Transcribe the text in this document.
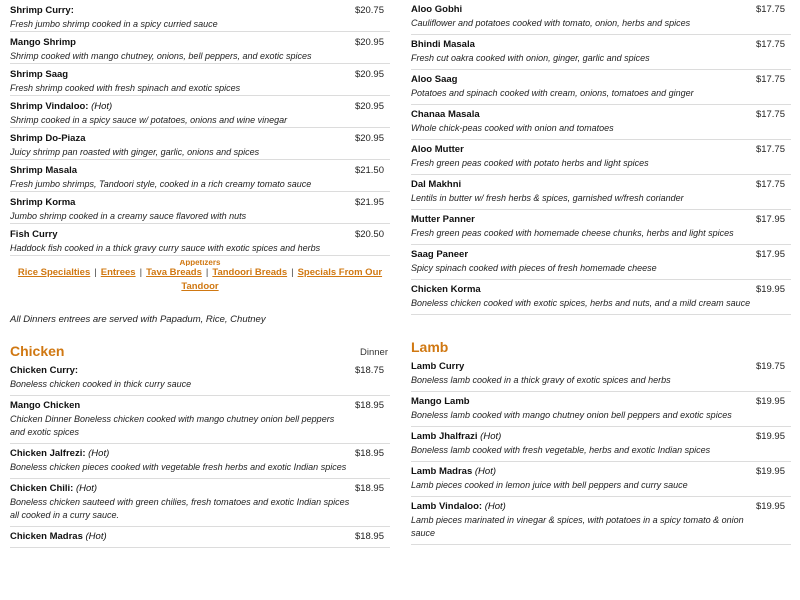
Shrimp Curry:	$20.75
Fresh jumbo shrimp cooked in a spicy curried sauce
Mango Shrimp	$20.95
Shrimp cooked with mango chutney, onions, bell peppers, and exotic spices
Shrimp Saag	$20.95
Fresh shrimp cooked with fresh spinach and exotic spices
Shrimp Vindaloo: (Hot)	$20.95
Shrimp cooked in a spicy sauce w/ potatoes, onions and wine vinegar
Shrimp Do-Piaza	$20.95
Juicy shrimp pan roasted with ginger, garlic, onions and spices
Shrimp Masala	$21.50
Fresh jumbo shrimps, Tandoori style, cooked in a rich creamy tomato sauce
Shrimp Korma	$21.95
Jumbo shrimp cooked in a creamy sauce flavored with nuts
Fish Curry	$20.50
Haddock fish cooked in a thick gravy curry sauce with exotic spices and herbs
Appetizers
Rice Specialties | Entrees | Tava Breads | Tandoori Breads | Specials From Our Tandoor
All Dinners entrees are served with Papadum, Rice, Chutney
Chicken	Dinner
Chicken Curry:	$18.75
Boneless chicken cooked in thick curry sauce
Mango Chicken	$18.95
Chicken Dinner Boneless chicken cooked with mango chutney onion bell peppers and exotic spices
Chicken Jalfrezi: (Hot)	$18.95
Boneless chicken pieces cooked with vegetable fresh herbs and exotic Indian spices
Chicken Chili: (Hot)	$18.95
Boneless chicken sauteed with green chilies, fresh tomatoes and exotic Indian spices all cooked in a curry sauce.
Chicken Madras (Hot)	$18.95
Aloo Gobhi	$17.75
Cauliflower and potatoes cooked with tomato, onion, herbs and spices
Bhindi Masala	$17.75
Fresh cut oakra cooked with onion, ginger, garlic and spices
Aloo Saag	$17.75
Potatoes and spinach cooked with cream, onions, tomatoes and ginger
Chanaa Masala	$17.75
Whole chick-peas cooked with onion and tomatoes
Aloo Mutter	$17.75
Fresh green peas cooked with potato herbs and light spices
Dal Makhni	$17.75
Lentils in butter w/ fresh herbs & spices, garnished w/fresh coriander
Mutter Panner	$17.95
Fresh green peas cooked with homemade cheese chunks, herbs and light spices
Saag Paneer	$17.95
Spicy spinach cooked with pieces of fresh homemade cheese
Chicken Korma	$19.95
Boneless chicken cooked with exotic spices, herbs and nuts, and a mild cream sauce
Lamb
Lamb Curry	$19.75
Boneless lamb cooked in a thick gravy of exotic spices and herbs
Mango Lamb	$19.95
Boneless lamb cooked with mango chutney onion bell peppers and exotic spices
Lamb Jhalfrazi (Hot)	$19.95
Boneless lamb cooked with fresh vegetable, herbs and exotic Indian spices
Lamb Madras (Hot)	$19.95
Lamb pieces cooked in lemon juice with bell peppers and curry sauce
Lamb Vindaloo: (Hot)	$19.95
Lamb pieces marinated in vinegar & spices, with potatoes in a spicy tomato & onion sauce
